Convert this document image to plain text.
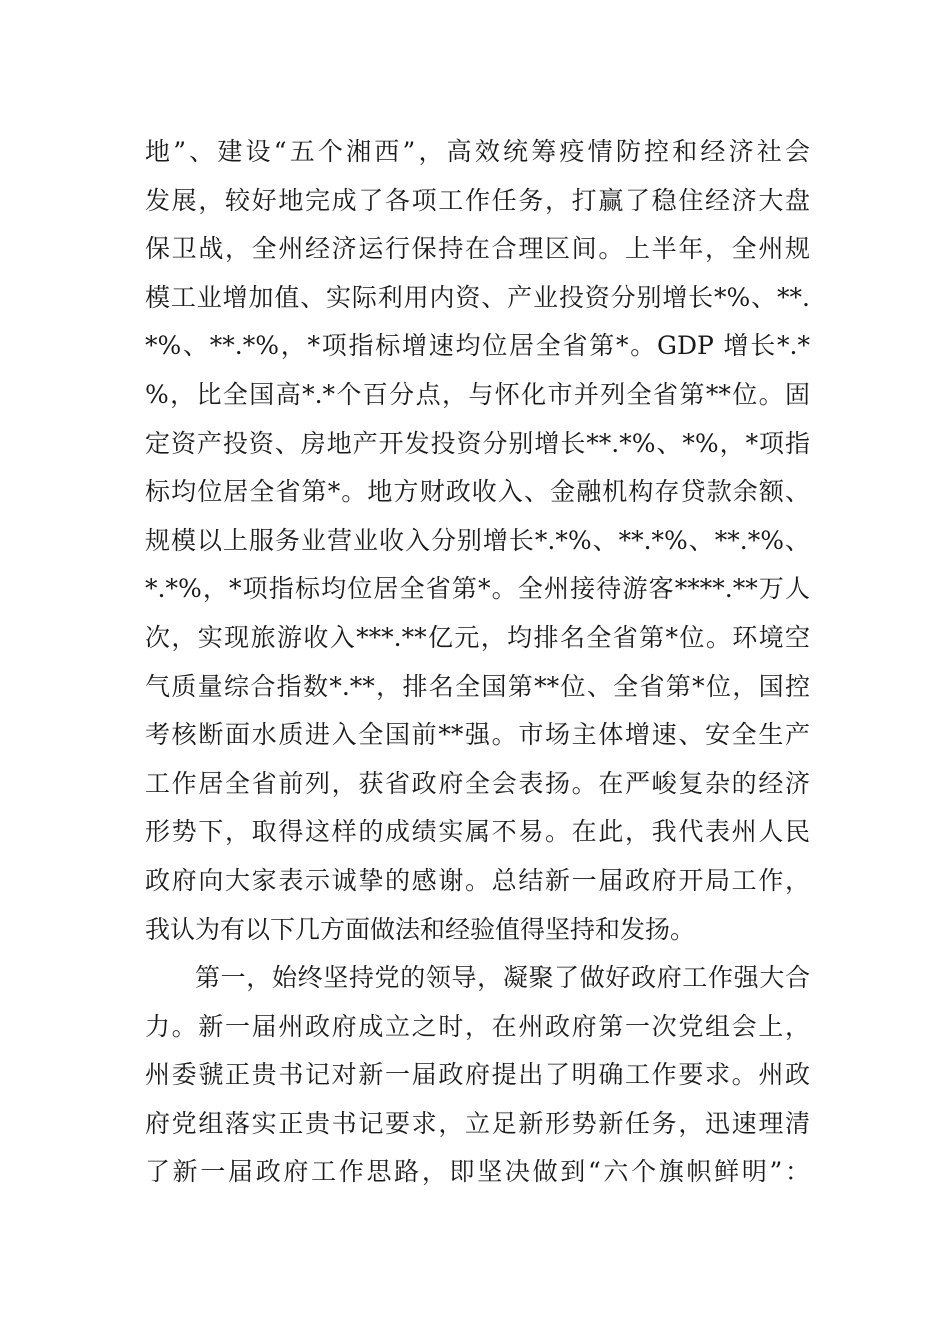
地”、建设“五个湘西”，高效统筹疫情防控和经济社会
发展，较好地完成了各项工作任务，打赢了稳住经济大盘
保卫战，全州经济运行保持在合理区间。上半年，全州规
模工业增加值、实际利用内资、产业投资分别增长*%、**.
*%、**.*%，*项指标增速均位居全省第*。GDP 增长*.*
%，比全国高*.*个百分点，与怀化市并列全省第**位。固
定资产投资、房地产开发投资分别增长**.*%、*%，*项指
标均位居全省第*。地方财政收入、金融机构存贷款余额、
规模以上服务业营业收入分别增长*.*%、**.*%、**.*%、
*.*%，*项指标均位居全省第*。全州接待游客****.**万人
次，实现旅游收入***.**亿元，均排名全省第*位。环境空
气质量综合指数*.**，排名全国第**位、全省第*位，国控
考核断面水质进入全国前**强。市场主体增速、安全生产
工作居全省前列，获省政府全会表扬。在严峻复杂的经济
形势下，取得这样的成绩实属不易。在此，我代表州人民
政府向大家表示诚挚的感谢。总结新一届政府开局工作，
我认为有以下几方面做法和经验值得坚持和发扬。
第一，始终坚持党的领导，凝聚了做好政府工作强大合
力。新一届州政府成立之时，在州政府第一次党组会上，
州委虢正贵书记对新一届政府提出了明确工作要求。州政
府党组落实正贵书记要求，立足新形势新任务，迅速理清
了新一届政府工作思路，即坚决做到“六个旗帜鲜明”：
